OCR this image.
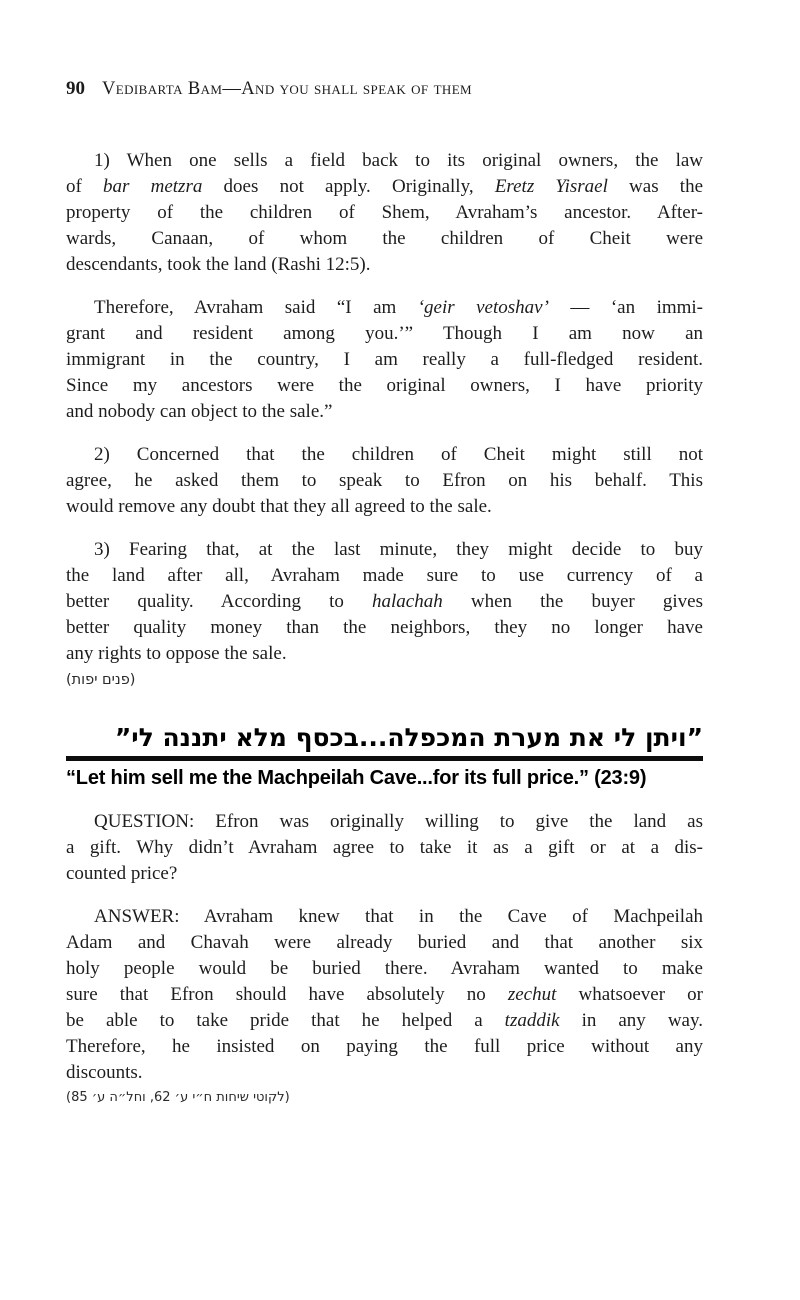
90 Vedibarta Bam—And you shall speak of them
1) When one sells a field back to its original owners, the law
of bar metzra does not apply. Originally, Eretz Yisrael was the
property of the children of Shem, Avraham’s ancestor. After-
wards, Canaan, of whom the children of Cheit were
descendants, took the land (Rashi 12:5).
Therefore, Avraham said “I am ‘geir vetoshav’ — ‘an immi-
grant and resident among you.’” Though I am now an
immigrant in the country, I am really a full-fledged resident.
Since my ancestors were the original owners, I have priority
and nobody can object to the sale.”
2) Concerned that the children of Cheit might still not
agree, he asked them to speak to Efron on his behalf. This
would remove any doubt that they all agreed to the sale.
3) Fearing that, at the last minute, they might decide to buy
the land after all, Avraham made sure to use currency of a
better quality. According to halachah when the buyer gives
better quality money than the neighbors, they no longer have
any rights to oppose the sale.
(פנים יפות)
”ויתן לי את מערת המכפלה...בכסף מלא יתננה לי”
“Let him sell me the Machpeilah Cave...for its full price.” (23:9)
QUESTION: Efron was originally willing to give the land as
a gift. Why didn’t Avraham agree to take it as a gift or at a dis-
counted price?
ANSWER: Avraham knew that in the Cave of Machpeilah
Adam and Chavah were already buried and that another six
holy people would be buried there. Avraham wanted to make
sure that Efron should have absolutely no zechut whatsoever or
be able to take pride that he helped a tzaddik in any way.
Therefore, he insisted on paying the full price without any
discounts.
(לקוטי שיחות ח״י ע׳ 62, וחל״ה ע׳ 85)
